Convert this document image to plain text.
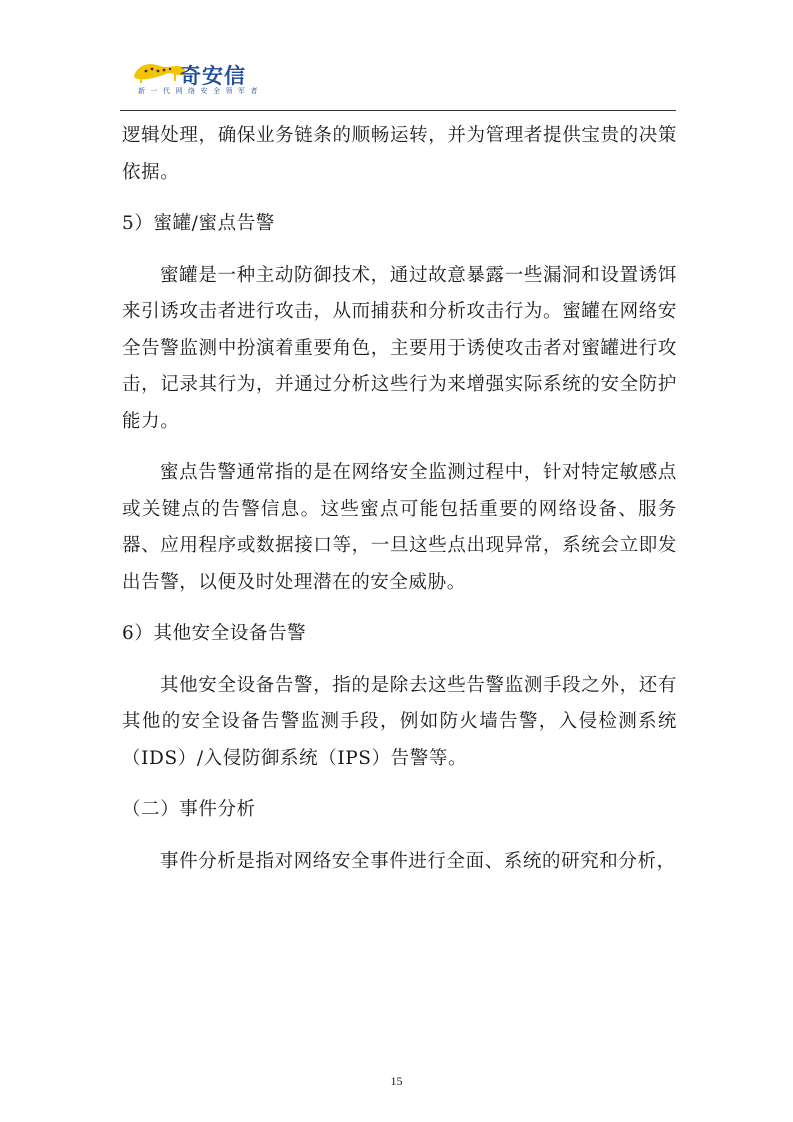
奇安信
新一代网络安全领军者

逻辑处理，确保业务链条的顺畅运转，并为管理者提供宝贵的决策依据。

5）蜜罐/蜜点告警

蜜罐是一种主动防御技术，通过故意暴露一些漏洞和设置诱饵来引诱攻击者进行攻击，从而捕获和分析攻击行为。蜜罐在网络安全告警监测中扮演着重要角色，主要用于诱使攻击者对蜜罐进行攻击，记录其行为，并通过分析这些行为来增强实际系统的安全防护能力。

蜜点告警通常指的是在网络安全监测过程中，针对特定敏感点或关键点的告警信息。这些蜜点可能包括重要的网络设备、服务器、应用程序或数据接口等，一旦这些点出现异常，系统会立即发出告警，以便及时处理潜在的安全威胁。

6）其他安全设备告警

其他安全设备告警，指的是除去这些告警监测手段之外，还有其他的安全设备告警监测手段，例如防火墙告警，入侵检测系统（IDS）/入侵防御系统（IPS）告警等。

（二）事件分析

事件分析是指对网络安全事件进行全面、系统的研究和分析，

15
